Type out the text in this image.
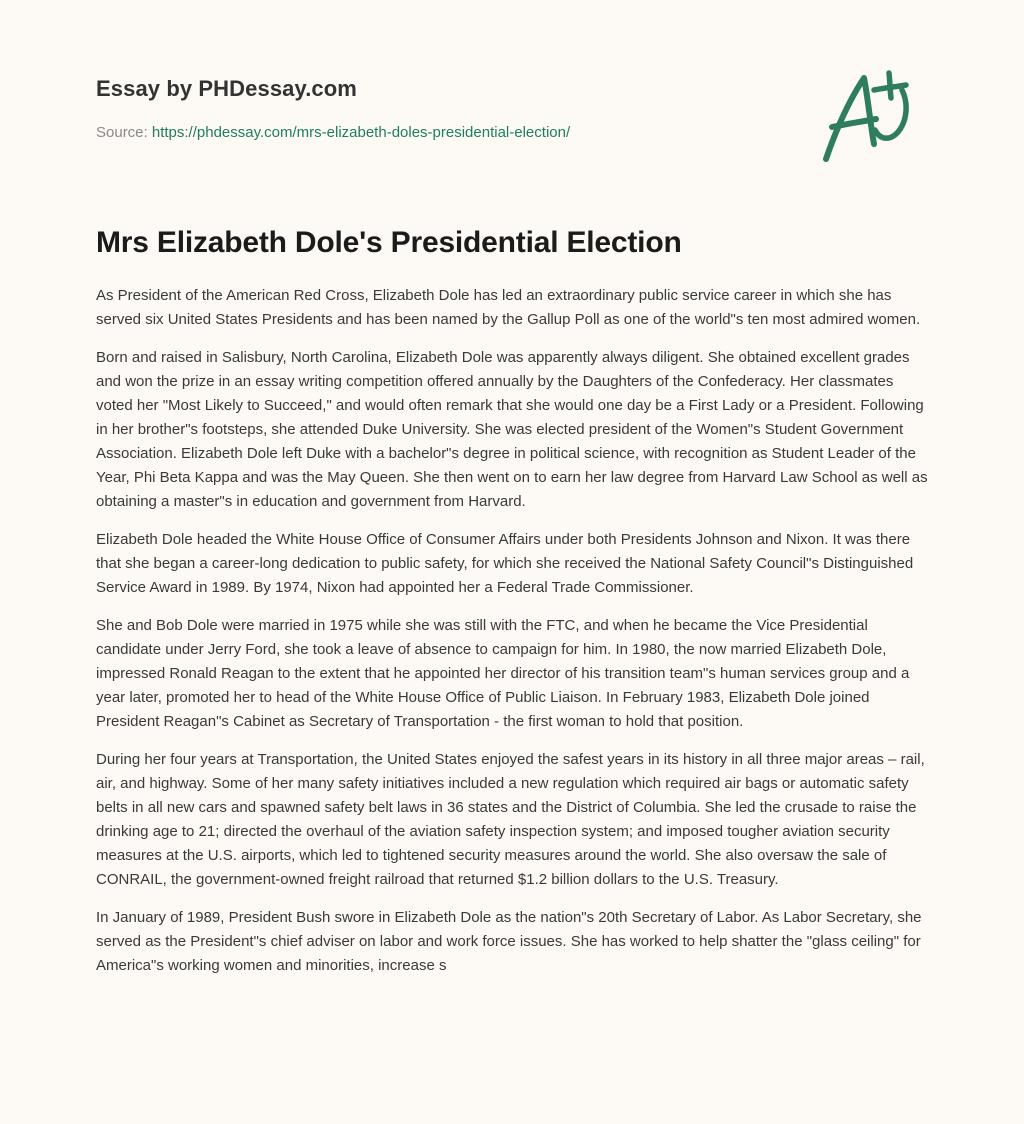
Essay by PHDessay.com
Source: https://phdessay.com/mrs-elizabeth-doles-presidential-election/
Mrs Elizabeth Dole's Presidential Election

As President of the American Red Cross, Elizabeth Dole has led an extraordinary public service career in which she has served six United States Presidents and has been named by the Gallup Poll as one of the world"s ten most admired women.

Born and raised in Salisbury, North Carolina, Elizabeth Dole was apparently always diligent. She obtained excellent grades and won the prize in an essay writing competition offered annually by the Daughters of the Confederacy. Her classmates voted her "Most Likely to Succeed," and would often remark that she would one day be a First Lady or a President. Following in her brother"s footsteps, she attended Duke University. She was elected president of the Women"s Student Government Association. Elizabeth Dole left Duke with a bachelor"s degree in political science, with recognition as Student Leader of the Year, Phi Beta Kappa and was the May Queen. She then went on to earn her law degree from Harvard Law School as well as obtaining a master"s in education and government from Harvard.

Elizabeth Dole headed the White House Office of Consumer Affairs under both Presidents Johnson and Nixon. It was there that she began a career-long dedication to public safety, for which she received the National Safety Council"s Distinguished Service Award in 1989. By 1974, Nixon had appointed her a Federal Trade Commissioner.

She and Bob Dole were married in 1975 while she was still with the FTC, and when he became the Vice Presidential candidate under Jerry Ford, she took a leave of absence to campaign for him. In 1980, the now married Elizabeth Dole, impressed Ronald Reagan to the extent that he appointed her director of his transition team"s human services group and a year later, promoted her to head of the White House Office of Public Liaison. In February 1983, Elizabeth Dole joined President Reagan"s Cabinet as Secretary of Transportation - the first woman to hold that position.

During her four years at Transportation, the United States enjoyed the safest years in its history in all three major areas – rail, air, and highway. Some of her many safety initiatives included a new regulation which required air bags or automatic safety belts in all new cars and spawned safety belt laws in 36 states and the District of Columbia. She led the crusade to raise the drinking age to 21; directed the overhaul of the aviation safety inspection system; and imposed tougher aviation security measures at the U.S. airports, which led to tightened security measures around the world. She also oversaw the sale of CONRAIL, the government-owned freight railroad that returned $1.2 billion dollars to the U.S. Treasury.

In January of 1989, President Bush swore in Elizabeth Dole as the nation"s 20th Secretary of Labor. As Labor Secretary, she served as the President"s chief adviser on labor and work force issues. She has worked to help shatter the "glass ceiling" for America"s working women and minorities, increase s
